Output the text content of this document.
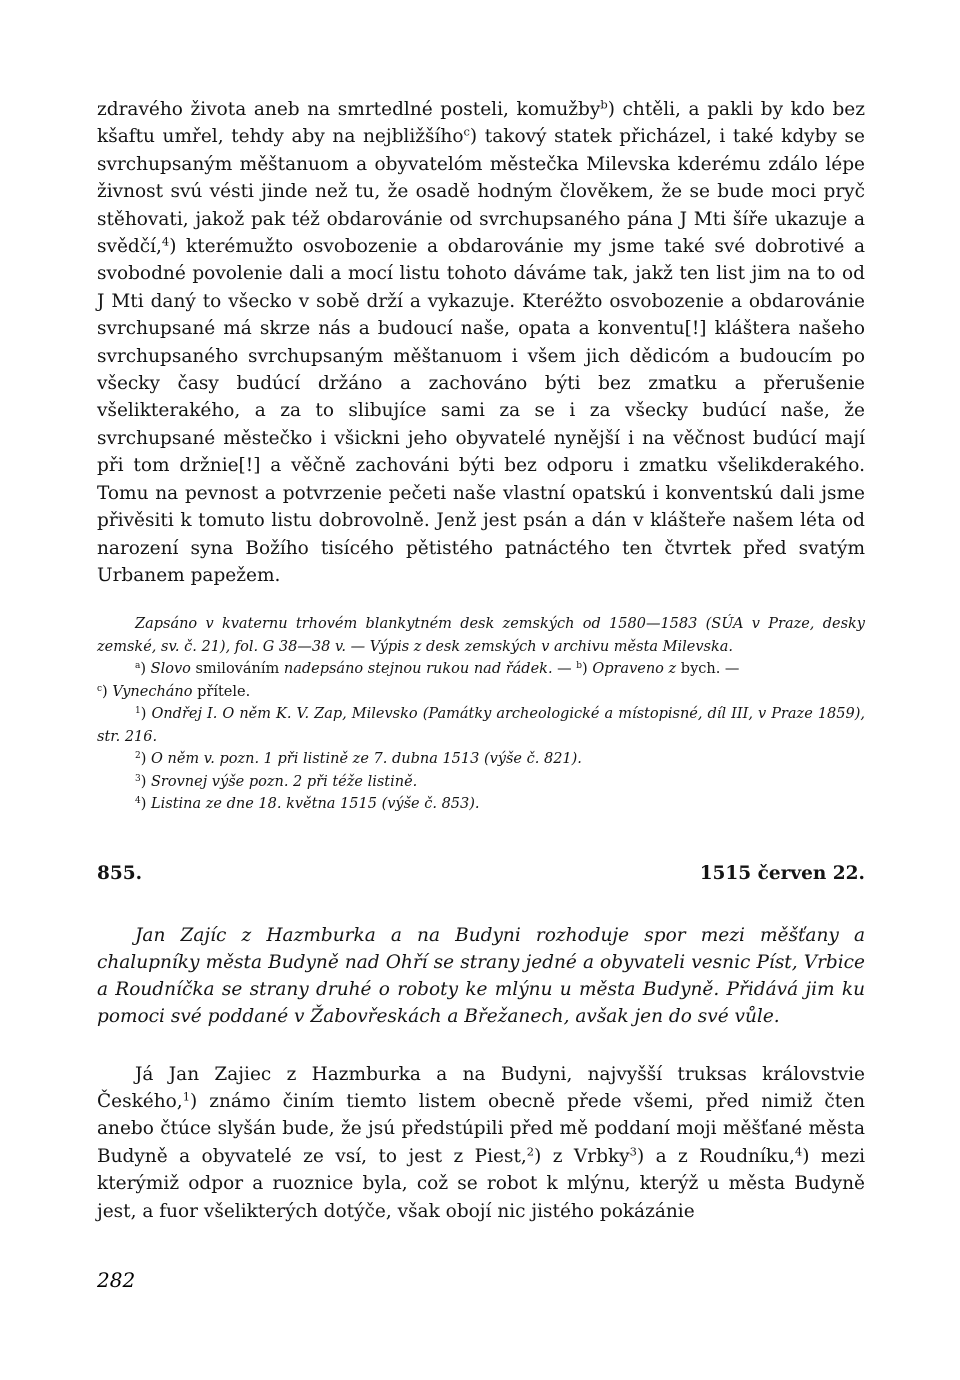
zdravého života aneb na smrtedlné posteli, komužby$^b$) chtěli, a pakli by kdo bez kšaftu umřel, tehdy aby na nejbližšího$^c$) takový statek přicházel, i také kdyby se svrchupsaným měštanuom a obyvatelóm městečka Milevska kderému zdálo lépe živnost svú vésti jinde než tu, že osadě hodným člověkem, že se bude moci pryč stěhovati, jakož pak též obdarovánie od svrchupsaného pána J Mti šíře ukazuje a svědčí,$^4$) kterémužto osvobozenie a obdarovánie my jsme také své dobrotivé a svobodné povolenie dali a mocí listu tohoto dáváme tak, jakž ten list jim na to od J Mti daný to všecko v sobě drží a vykazuje. Kteréžto osvobozenie a obdarovánie svrchupsané má skrze nás a budoucí naše, opata a konventu[!] kláštera našeho svrchupsaného svrchupsaným měštanuom i všem jich dědicóm a budoucím po všecky časy budúcí držáno a zachováno býti bez zmatku a přerušenie všelikterakého, a za to slibujíce sami za se i za všecky budúcí naše, že svrchupsané městečko i všickni jeho obyvatelé nynější i na věčnost budúcí mají při tom držnie[!] a věčně zachováni býti bez odporu i zmatku všelikderakého. Tomu na pevnost a potvrzenie pečeti naše vlastní opatskú i konventskú dali jsme přivěsiti k tomuto listu dobrovolně. Jenž jest psán a dán v klášteře našem léta od narození syna Božího tisícého pětistého patnáctého ten čtvrtek před svatým Urbanem papežem.

Zapsáno v kvaternu trhovém blankytném desk zemských od 1580—1583 (SÚA v Praze, desky zemské, sv. č. 21), fol. G 38—38 v. — Výpis z desk zemských v archivu města Milevska.

$^a$) Slovo smilováním nadepsáno stejnou rukou nad řádek. — $^b$) Opraveno z bych. —

$^c$) Vynecháno přítele.

$^1$) Ondřej I. O něm K. V. Zap, Milevsko (Památky archeologické a místopisné, díl III, v Praze 1859), str. 216.

$^2$) O něm v. pozn. 1 při listině ze 7. dubna 1513 (výše č. 821).

$^3$) Srovnej výše pozn. 2 při téže listině.

$^4$) Listina ze dne 18. května 1515 (výše č. 853).

855.	1515 červen 22.

Jan Zajíc z Hazmburka a na Budyni rozhoduje spor mezi měšťany a chalupníky města Budyně nad Ohří se strany jedné a obyvateli vesnic Píst, Vrbice a Roudníčka se strany druhé o roboty ke mlýnu u města Budyně. Přidává jim ku pomoci své poddané v Žabovřeskách a Břežanech, avšak jen do své vůle.

Já Jan Zajiec z Hazmburka a na Budyni, najvyšší truksas královstvie Českého,$^1$) známo činím tiemto listem obecně přede všemi, před nimiž čten anebo čtúce slyšán bude, že jsú předstúpili před mě poddaní moji měšťané města Budyně a obyvatelé ze vsí, to jest z Piest,$^2$) z Vrbky$^3$) a z Roudníku,$^4$) mezi kterýmiž odpor a ruoznice byla, což se robot k mlýnu, kterýž u města Budyně jest, a fuor všelikterých dotýče, však obojí nic jistého pokázánie

282
